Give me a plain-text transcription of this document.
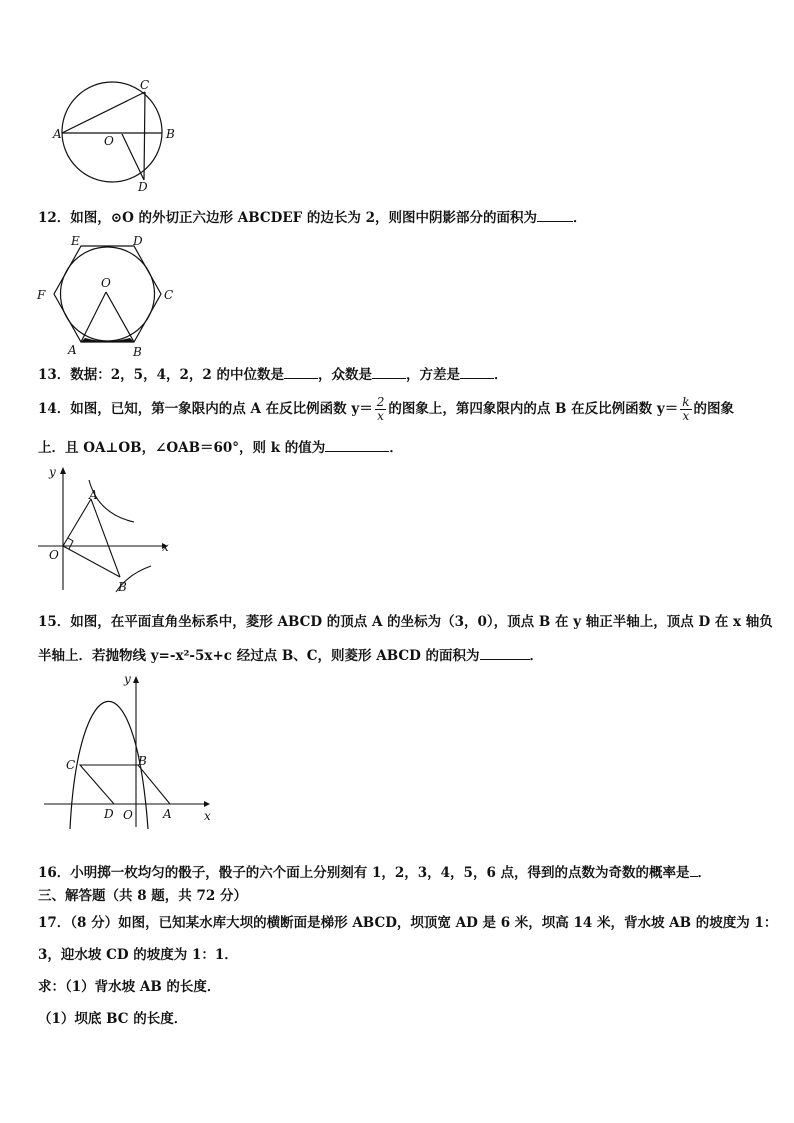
A	B
C
D
O
12．如图，⊙O 的外切正六边形 ABCDEF 的边长为 2，则图中阴影部分的面积为	．
E	D
F	C
O
A	B
13．数据：2，5，4，2，2 的中位数是	，众数是	，方差是	．
14．如图，已知，第一象限内的点 A 在反比例函数 $y= \frac{2}{x}$ 的图象上，第四象限内的点 B 在反比例函数 $y= \frac{k}{x}$ 的图象
上．且 OA⊥OB，∠OAB＝60°，则 k 的值为	．
y
x
A
O
B
15．如图，在平面直角坐标系中，菱形 ABCD 的顶点 A 的坐标为（3，0），顶点 B 在 y 轴正半轴上，顶点 D 在 x 轴负
半轴上．若抛物线 y=-x²-5x+c 经过点 B、C，则菱形 ABCD 的面积为	．
y
x
C	B
D O	A
16．小明掷一枚均匀的骰子，骰子的六个面上分别刻有 1，2，3，4，5，6 点，得到的点数为奇数的概率是 ．
三、解答题（共 8 题，共 72 分）
17．（8 分）如图，已知某水库大坝的横断面是梯形 ABCD，坝顶宽 AD 是 6 米，坝高 14 米，背水坡 AB 的坡度为 1：
3，迎水坡 CD 的坡度为 1：1．
求：（1）背水坡 AB 的长度．
（1）坝底 BC 的长度．
